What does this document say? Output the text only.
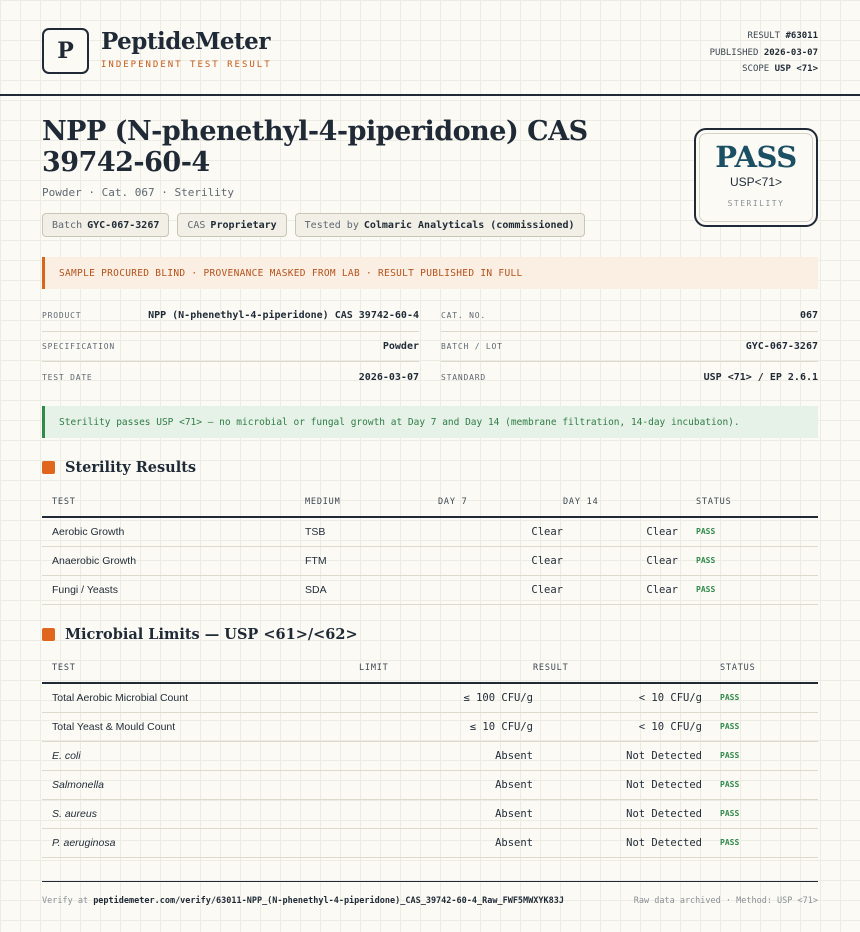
P	PeptideMeter
INDEPENDENT TEST RESULT
RESULT #63011
PUBLISHED 2026-03-07
SCOPE USP <71>
NPP (N-phenethyl-4-piperidone) CAS 39742-60-4
Powder · Cat. 067 · Sterility
Batch GYC-067-3267	CAS Proprietary	Tested by Colmaric Analyticals (commissioned)
PASS
USP<71>
STERILITY
SAMPLE PROCURED BLIND · PROVENANCE MASKED FROM LAB · RESULT PUBLISHED IN FULL
PRODUCT	NPP (N-phenethyl-4-piperidone) CAS 39742-60-4
SPECIFICATION	Powder
TEST DATE	2026-03-07
CAT. NO.	067
BATCH / LOT	GYC-067-3267
STANDARD	USP <71> / EP 2.6.1
Sterility passes USP <71> — no microbial or fungal growth at Day 7 and Day 14 (membrane filtration, 14-day incubation).
Sterility Results
TEST	MEDIUM	DAY 7	DAY 14	STATUS
Aerobic Growth	TSB	Clear	Clear	PASS
Anaerobic Growth	FTM	Clear	Clear	PASS
Fungi / Yeasts	SDA	Clear	Clear	PASS
Microbial Limits — USP <61>/<62>
TEST	LIMIT	RESULT	STATUS
Total Aerobic Microbial Count	≤ 100 CFU/g	< 10 CFU/g	PASS
Total Yeast & Mould Count	≤ 10 CFU/g	< 10 CFU/g	PASS
E. coli	Absent	Not Detected	PASS
Salmonella	Absent	Not Detected	PASS
S. aureus	Absent	Not Detected	PASS
P. aeruginosa	Absent	Not Detected	PASS
Verify at peptidemeter.com/verify/63011-NPP_(N-phenethyl-4-piperidone)_CAS_39742-60-4_Raw_FWF5MWXYK83J	Raw data archived · Method: USP <71>
